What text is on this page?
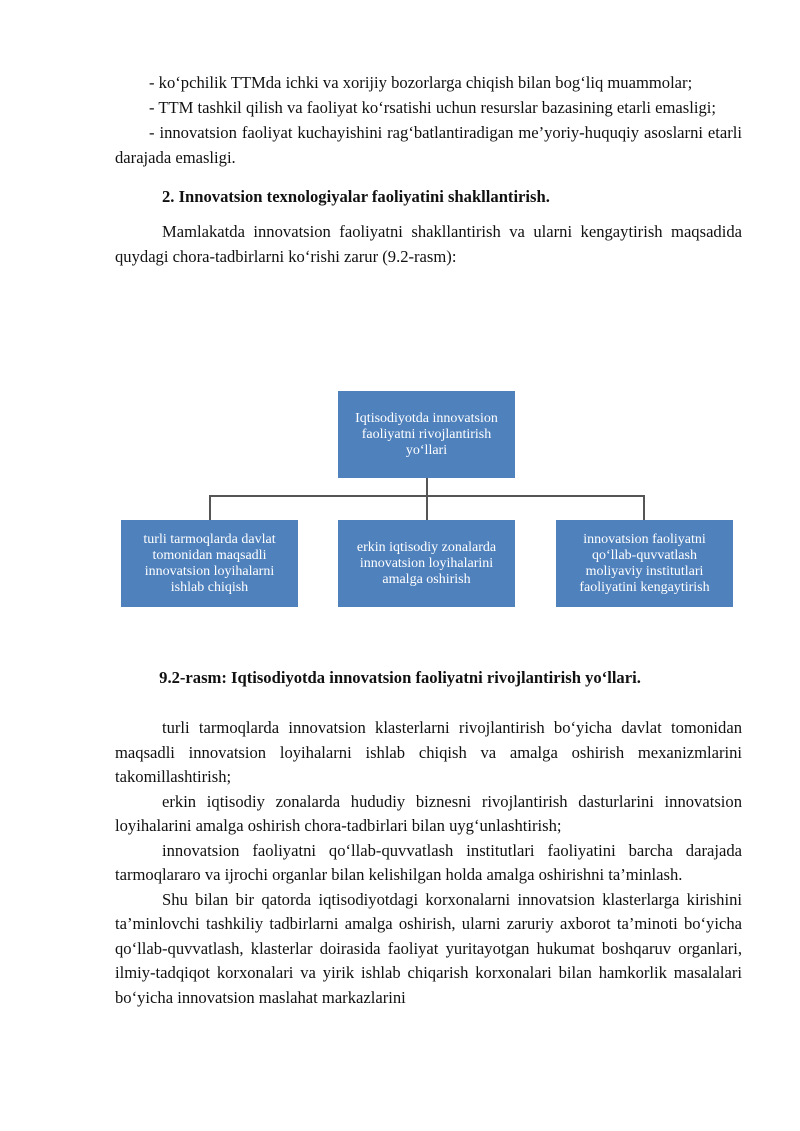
- ko‘pchilik TTMda ichki va xorijiy bozorlarga chiqish bilan bog‘liq muammolar;

- TTM tashkil qilish va faoliyat ko‘rsatishi uchun resurslar bazasining etarli emasligi;

- innovatsion faoliyat kuchayishini rag‘batlantiradigan me’yoriy-huquqiy asoslarni etarli darajada emasligi.

2. Innovatsion texnologiyalar faoliyatini shakllantirish.

Mamlakatda innovatsion faoliyatni shakllantirish va ularni kengaytirish maqsadida quydagi chora-tadbirlarni ko‘rishi zarur (9.2-rasm):

Iqtisodiyotda innovatsion faoliyatni rivojlantirish yo‘llari
turli tarmoqlarda davlat tomonidan maqsadli innovatsion loyihalarni ishlab chiqish
erkin iqtisodiy zonalarda innovatsion loyihalarini amalga oshirish
innovatsion faoliyatni qo‘llab-quvvatlash moliyaviy institutlari faoliyatini kengaytirish

9.2-rasm: Iqtisodiyotda innovatsion faoliyatni rivojlantirish yo‘llari.

turli tarmoqlarda innovatsion klasterlarni rivojlantirish bo‘yicha davlat tomonidan maqsadli innovatsion loyihalarni ishlab chiqish va amalga oshirish mexanizmlarini takomillashtirish;

erkin iqtisodiy zonalarda hududiy biznesni rivojlantirish dasturlarini innovatsion loyihalarini amalga oshirish chora-tadbirlari bilan uyg‘unlashtirish;

innovatsion faoliyatni qo‘llab-quvvatlash institutlari faoliyatini barcha darajada tarmoqlararo va ijrochi organlar bilan kelishilgan holda amalga oshirishni ta’minlash.

Shu bilan bir qatorda iqtisodiyotdagi korxonalarni innovatsion klasterlarga kirishini ta’minlovchi tashkiliy tadbirlarni amalga oshirish, ularni zaruriy axborot ta’minoti bo‘yicha qo‘llab-quvvatlash, klasterlar doirasida faoliyat yuritayotgan hukumat boshqaruv organlari, ilmiy-tadqiqot korxonalari va yirik ishlab chiqarish korxonalari bilan hamkorlik masalalari bo‘yicha innovatsion maslahat markazlarini
